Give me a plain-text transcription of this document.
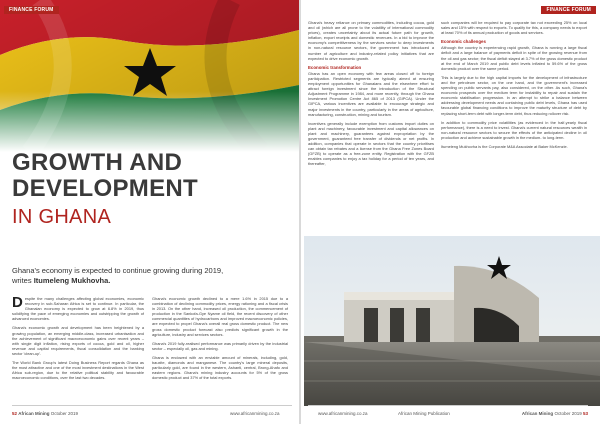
FINANCE FORUM
GROWTH AND
DEVELOPMENT
IN GHANA
Ghana's economy is expected to continue growing during 2019, writes Itumeleng Mukhovha.

Despite the many challenges affecting global economies, economic recovery in sub-Saharan Africa is set to continue. In particular, the Ghanaian economy is expected to grow at 6.8% in 2019, thus solidifying the pace of emerging economies and outstripping the growth of advanced economies.

Ghana's economic growth and development has been heightened by a growing population, an emerging middle-class, increased urbanisation and the achievement of significant macroeconomic gains over recent years – with single digit inflation, rising exports of cocoa, gold and oil, higher revenue and capital requirements, fiscal consolidation and the banking sector 'clean-up'.

The World Bank Group's latest Doing Business Report regards Ghana as the most attractive and one of the most investment destinations in the West Africa sub-region, due to the relative political stability and favourable macroeconomic conditions, over the last two decades.

Ghana's economic growth declined to a mere 1.6% in 2015 due to a combination of declining commodity prices, energy rationing and a fiscal crisis in 2013. On the other hand, increased oil production, the commencement of production in the Sankofa-Gye Nyame oil field, the recent discovery of other commercial quantities of hydrocarbons and improved macroeconomic policies, are expected to propel Ghana's overall real gross domestic product. The new gross domestic product forecast also predicts significant growth in the agriculture, industry and services sectors.

Ghana's 2019 fully-realised performance was primarily driven by the industrial sector – especially oil, gas and mining.

Ghana is endowed with an enviable amount of minerals, including, gold, bauxite, diamonds and manganese. The country's large mineral deposits, particularly gold, are found in the western, Ashanti, central, Brong-Ahafo and eastern regions. Ghana's mining industry accounts for 5% of the gross domestic product and 37% of the total exports.

52 African Mining October 2019	www.africanmining.co.za
FINANCE FORUM

Ghana's heavy reliance on primary commodities, including cocoa, gold and oil (which are all prone to the volatility of international commodity prices), creates uncertainty about its actual future path for growth, inflation, export receipts and domestic revenues. In a bid to improve the economy's competitiveness by the services sector to deep investments in non-natural resource sectors, the government has introduced a number of agriculture and industry-related policy initiatives that are expected to drive economic growth.

Economic transformation

Ghana has an open economy with few areas closed off to foreign participation. Restricted segments are typically aimed at ensuring employment opportunities for Ghanaians and the elsewhere effort to attract foreign investment since the introduction of the Structural Adjustment Programme in 1984, and more recently, through the Ghana Investment Promotion Centre Act 865 of 2013 (GIPCA). Under the GIPCA, various incentives are available to encourage strategic and major investments in the country, particularly in the areas of agriculture, manufacturing, construction, mining and tourism.

Incentives generally include exemption from customs import duties on plant and machinery, favourable investment and capital allowances on plant and machinery, guarantees against expropriation by the government, guaranteed free transfer of dividends or net profits. In addition, companies that operate in sectors that the country prioritises can obtain tax rebates and a license from the Ghana Free Zones Board (GFZB) to operate as a free-zone entity. Registration with the GFZB enables companies to enjoy a tax holiday for a period of ten years, and thereafter,

such companies will be required to pay corporate tax not exceeding 25% on local sales and 15% with respect to exports. To qualify for this, a company needs to export at least 70% of its annual production of goods and services.

Economic challenges

Although the country is experiencing rapid growth, Ghana is running a large fiscal deficit and a large balance of payments deficit in spite of the growing revenue from the oil and gas sector; the fiscal deficit stayed at 3.7% of the gross domestic product at the end of March 2019 and public debt levels inflated to 59.6% of the gross domestic product over the same period.

This is largely due to the high capital imports for the development of infrastructure and the petroleum sector, on the one hand, and the government's increased spending on public servants pay, also considered, on the other. As such, Ghana's economic prospects over the medium term for instability to repair and sustain the economic stabilisation progression. In an attempt to strike a balance between addressing development needs and containing public debt levels, Ghana has used favourable global financing conditions to improve the maturity structure of debt by replacing short-term debt with longer-term debt, thus reducing rollover risk.

In addition to commodity price volatilities (as evidenced in the half-yearly fiscal performance), there is a need to invest. Ghana's current natural resources wealth in non-natural resource sectors to secure the effects of the anticipated decline in oil production and achieve sustainable growth in the medium- to long-term.

Itumeleng Mukhovha is the Corporate M&A Associate at Baker McKenzie.

www.africanmining.co.za	African Mining Publication	African Mining October 2019 53
